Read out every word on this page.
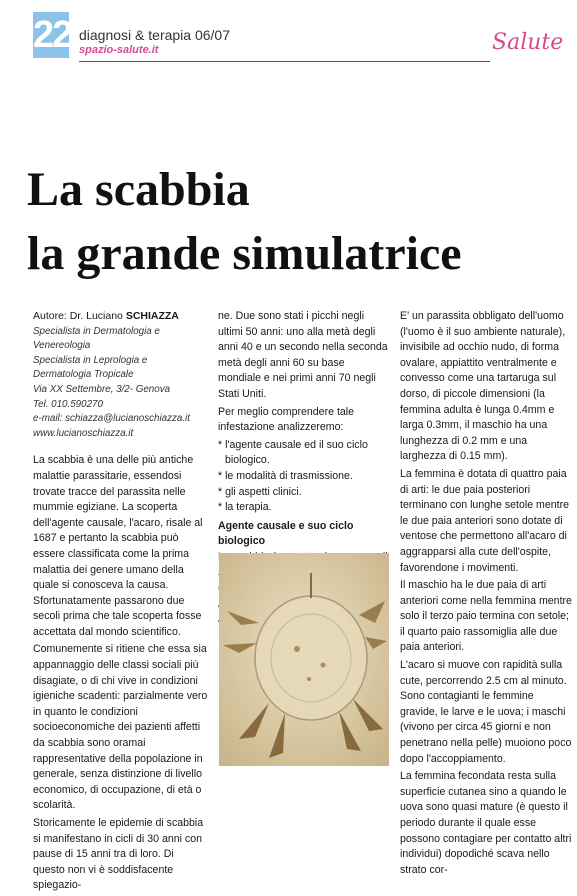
22 diagnosi & terapia 06/07
spazio-salute.it	Salute
La scabbia
la grande simulatrice
Autore: Dr. Luciano SCHIAZZA
Specialista in Dermatologia e Venereologia
Specialista in Leprologia e
Dermatologia Tropicale
Via XX Settembre, 3/2- Genova
Tel. 010.590270
e-mail: schiazza@lucianoschiazza.it
www.lucianoschiazza.it

La scabbia è una delle più antiche malattie parassitarie, essendosi trovate tracce del parassita nelle mummie egiziane. La scoperta dell'agente causale, l'acaro, risale al 1687 e pertanto la scabbia può essere classificata come la prima malattia dei genere umano della quale si conosceva la causa. Sfortunatamente passarono due secoli prima che tale scoperta fosse accettata dal mondo scientifico.

Comunemente si ritiene che essa sia appannaggio delle classi sociali più disagiate, o di chi vive in condizioni igieniche scadenti: parzialmente vero in quanto le condizioni socioeconomiche dei pazienti affetti da scabbia sono oramai rappresentative della popolazione in generale, senza distinzione di livello economico, di occupazione, di età o scolarità.

Storicamente le epidemie di scabbia si manifestano in cicli di 30 anni con pause di 15 anni tra di loro. Di questo non vi è soddisfacente spiegazio-

ne. Due sono stati i picchi negli ultimi 50 anni: uno alla metà degli anni 40 e un secondo nella seconda metà degli anni 60 su base mondiale e nei primi anni 70 negli Stati Uniti.

Per meglio comprendere tale infestazione analizzeremo:

* l'agente causale ed il suo ciclo biologico.
* le modalità di trasmissione.
* gli aspetti clinici.
* la terapia.
Agente causale e suo ciclo biologico

E' un parassita obbligato dell'uomo (l'uomo è il suo ambiente naturale), invisibile ad occhio nudo, di forma ovalare, appiattito ventralmente e convesso come una tartaruga sul dorso, di piccole dimensioni (la femmina adulta è lunga 0.4mm e larga 0.3mm, il maschio ha una lunghezza di 0.2 mm e una larghezza di 0.15 mm).

La femmina è dotata di quattro paia di arti: le due paia posteriori terminano con lunghe setole mentre le due paia anteriori sono dotate di ventose che permettono all'acaro di aggrapparsi alla cute dell'ospite, favorendone i movimenti.

Il maschio ha le due paia di arti anteriori come nella femmina mentre solo il terzo paio termina con setole; il quarto paio rassomiglia alle due paia anteriori.

L'acaro si muove con rapidità sulla cute, percorrendo 2.5 cm al minuto. Sono contagianti le femmine gravide, le larve e le uova; i maschi (vivono per circa 45 giorni e non penetrano nella pelle) muoiono poco dopo l'accoppiamento.

La femmina fecondata resta sulla superficie cutanea sino a quando le uova sono quasi mature (è questo il periodo durante il quale esse possono contagiare per contatto altri individui) dopodiché scava nello strato cor-
